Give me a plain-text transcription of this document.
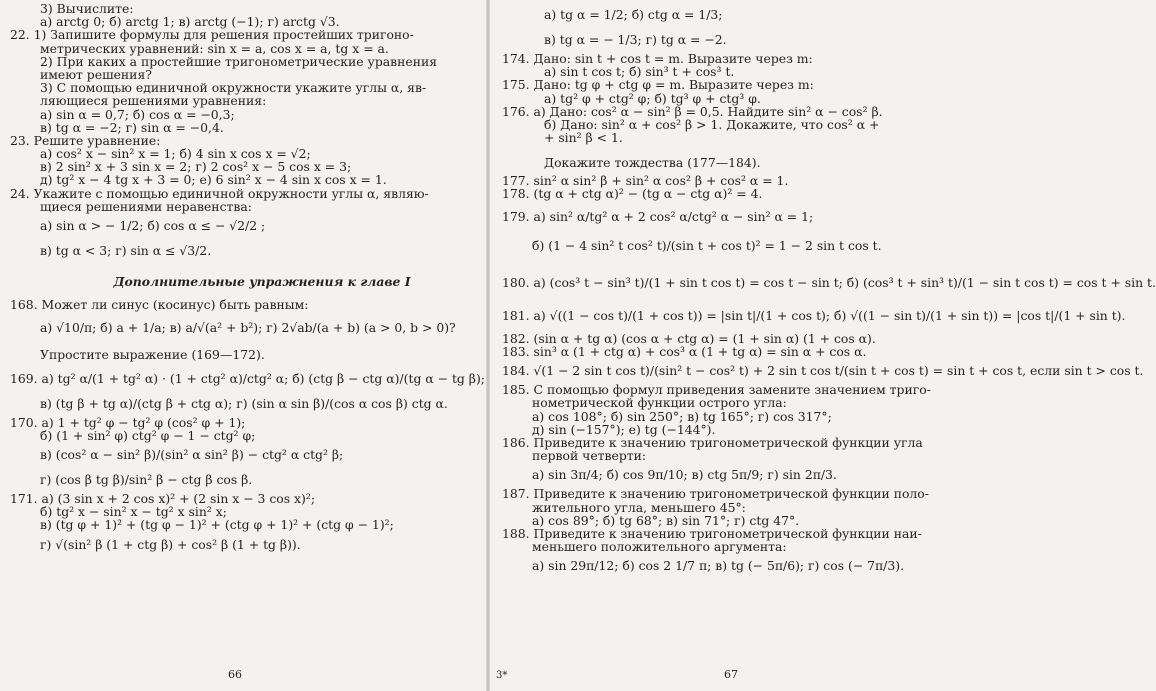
3) Вычислите:
а) arctg 0; б) arctg 1; в) arctg (−1); г) arctg √3.
22. 1) Запишите формулы для решения простейших тригоно-
метрических уравнений: sin x = a, cos x = a, tg x = a.
2) При каких a простейшие тригонометрические уравнения
имеют решения?
3) С помощью единичной окружности укажите углы α, яв-
ляющиеся решениями уравнения:
а) sin α = 0,7; б) cos α = −0,3;
в) tg α = −2; г) sin α = −0,4.
23. Решите уравнение:
а) cos² x − sin² x = 1; б) 4 sin x cos x = √2;
в) 2 sin² x + 3 sin x = 2; г) 2 cos² x − 5 cos x = 3;
д) tg² x − 4 tg x + 3 = 0; е) 6 sin² x − 4 sin x cos x = 1.
24. Укажите с помощью единичной окружности углы α, являю-
щиеся решениями неравенства:
а) sin α > − 1/2; б) cos α ≤ − √2/2 ;
в) tg α < 3; г) sin α ≤ √3/2.
Дополнительные упражнения к главе I
168. Может ли синус (косинус) быть равным:
а) √10/π; б) a + 1/a; в) a/√(a² + b²); г) 2√ab/(a + b) (a > 0, b > 0)?
Упростите выражение (169—172).
169. а) tg² α/(1 + tg² α) · (1 + ctg² α)/ctg² α; б) (ctg β − ctg α)/(tg α − tg β);
в) (tg β + tg α)/(ctg β + ctg α); г) (sin α sin β)/(cos α cos β) ctg α.
170. а) 1 + tg² φ − tg² φ (cos² φ + 1);
б) (1 + sin² φ) ctg² φ − 1 − ctg² φ;
в) (cos² α − sin² β)/(sin² α sin² β) − ctg² α ctg² β;
г) (cos β tg β)/sin² β − ctg β cos β.
171. а) (3 sin x + 2 cos x)² + (2 sin x − 3 cos x)²;
б) tg² x − sin² x − tg² x sin² x;
в) (tg φ + 1)² + (tg φ − 1)² + (ctg φ + 1)² + (ctg φ − 1)²;
г) √(sin² β (1 + ctg β) + cos² β (1 + tg β)).
66
а) tg α = 1/2; б) ctg α = 1/3;
в) tg α = − 1/3; г) tg α = −2.
174. Дано: sin t + cos t = m. Выразите через m:
а) sin t cos t; б) sin³ t + cos³ t.
175. Дано: tg φ + ctg φ = m. Выразите через m:
а) tg² φ + ctg² φ; б) tg³ φ + ctg³ φ.
176. а) Дано: cos² α − sin² β = 0,5. Найдите sin² α − cos² β.
б) Дано: sin² α + cos² β > 1. Докажите, что cos² α +
+ sin² β < 1.
Докажите тождества (177—184).
177. sin² α sin² β + sin² α cos² β + cos² α = 1.
178. (tg α + ctg α)² − (tg α − ctg α)² = 4.
179. а) sin² α/tg² α + 2 cos² α/ctg² α − sin² α = 1;
б) (1 − 4 sin² t cos² t)/(sin t + cos t)² = 1 − 2 sin t cos t.
180. а) (cos³ t − sin³ t)/(1 + sin t cos t) = cos t − sin t; б) (cos³ t + sin³ t)/(1 − sin t cos t) = cos t + sin t.
181. а) √((1 − cos t)/(1 + cos t)) = |sin t|/(1 + cos t); б) √((1 − sin t)/(1 + sin t)) = |cos t|/(1 + sin t).
182. (sin α + tg α) (cos α + ctg α) = (1 + sin α) (1 + cos α).
183. sin³ α (1 + ctg α) + cos³ α (1 + tg α) = sin α + cos α.
184. √(1 − 2 sin t cos t)/(sin² t − cos² t) + 2 sin t cos t/(sin t + cos t) = sin t + cos t, если sin t > cos t.
185. С помощью формул приведения замените значением триго-
нометрической функции острого угла:
а) cos 108°; б) sin 250°; в) tg 165°; г) cos 317°;
д) sin (−157°); е) tg (−144°).
186. Приведите к значению тригонометрической функции угла
первой четверти:
а) sin 3π/4; б) cos 9π/10; в) ctg 5π/9; г) sin 2π/3.
187. Приведите к значению тригонометрической функции поло-
жительного угла, меньшего 45°:
а) cos 89°; б) tg 68°; в) sin 71°; г) ctg 47°.
188. Приведите к значению тригонометрической функции наи-
меньшего положительного аргумента:
а) sin 29π/12; б) cos 2 1/7 π; в) tg (− 5π/6); г) cos (− 7π/3).
3*	67
